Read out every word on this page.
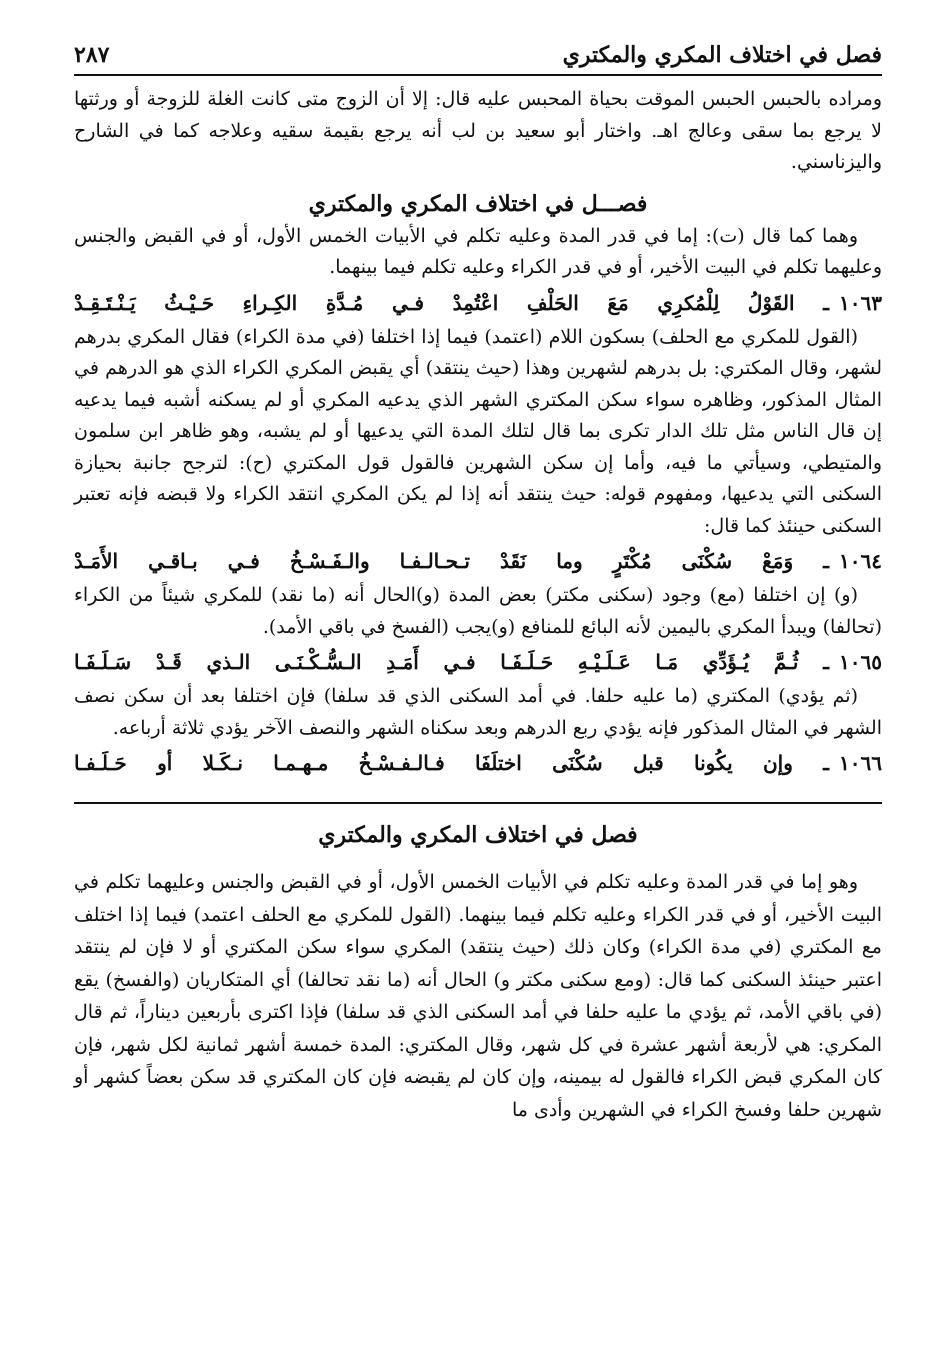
فصل في اختلاف المكري والمكتري
٢٨٧

ومراده بالحبس الحبس الموقت بحياة المحبس عليه قال: إلا أن الزوج متى كانت الغلة للزوجة أو ورثتها لا يرجع بما سقى وعالج اهـ. واختار أبو سعيد بن لب أنه يرجع بقيمة سقيه وعلاجه كما في الشارح واليزناسني.

فصـــل في اختلاف المكري والمكتري

وهما كما قال (ت): إما في قدر المدة وعليه تكلم في الأبيات الخمس الأول، أو في القبض والجنس وعليهما تكلم في البيت الأخير، أو في قدر الكراء وعليه تكلم فيما بينهما.

١٠٦٣ـ القَوْلُ لِلْمُكرِي مَعَ الحَلْفِ اعْتُمِدْ فـي مُـدَّةِ الكِـراءِ حَـيْـثُ يَـنْـتَـقِـدْ

(القول للمكري مع الحلف) بسكون اللام (اعتمد) فيما إذا اختلفا (في مدة الكراء) فقال المكري بدرهم لشهر، وقال المكتري: بل بدرهم لشهرين وهذا (حيث ينتقد) أي يقبض المكري الكراء الذي هو الدرهم في المثال المذكور، وظاهره سواء سكن المكتري الشهر الذي يدعيه المكري أو لم يسكنه أشبه فيما يدعيه إن قال الناس مثل تلك الدار تكرى بما قال لتلك المدة التي يدعيها أو لم يشبه، وهو ظاهر ابن سلمون والمتيطي، وسيأتي ما فيه، وأما إن سكن الشهرين فالقول قول المكتري (ح): لترجح جانبة بحيازة السكنى التي يدعيها، ومفهوم قوله: حيث ينتقد أنه إذا لم يكن المكري انتقد الكراء ولا قبضه فإنه تعتبر السكنى حينئذ كما قال:

١٠٦٤ـ وَمَعْ سُكْنَى مُكْتَرٍ وما نَقَدْ تـحـالـفـا والـفَـسْـخُ فـي بـاقـي الأَمَـدْ

(و) إن اختلفا (مع) وجود (سكنى مكتر) بعض المدة (و)الحال أنه (ما نقد) للمكري شيئاً من الكراء (تحالفا) ويبدأ المكري باليمين لأنه البائع للمنافع (و)يجب (الفسخ في باقي الأمد).

١٠٦٥ـ ثُـمَّ يُـؤَدِّي مَـا عَـلَـيْـهِ حَـلَـفَـا فـي أَمَـدِ الـسُّـكْـنَـى الـذي قَـدْ سَـلَـفَـا

(ثم يؤدي) المكتري (ما عليه حلفا. في أمد السكنى الذي قد سلفا) فإن اختلفا بعد أن سكن نصف الشهر في المثال المذكور فإنه يؤدي ربع الدرهم وبعد سكناه الشهر والنصف الآخر يؤدي ثلاثة أرباعه.

١٠٦٦ـ وإن يكُونا قبل سُكْنَى اختلَفَا فـالـفـسْـخُ مـهـمـا نـكَـلا أو حَـلَـفـا
فصل في اختلاف المكري والمكتري

وهو إما في قدر المدة وعليه تكلم في الأبيات الخمس الأول، أو في القبض والجنس وعليهما تكلم في البيت الأخير، أو في قدر الكراء وعليه تكلم فيما بينهما. (القول للمكري مع الحلف اعتمد) فيما إذا اختلف مع المكتري (في مدة الكراء) وكان ذلك (حيث ينتقد) المكري سواء سكن المكتري أو لا فإن لم ينتقد اعتبر حينئذ السكنى كما قال: (ومع سكنى مكتر و) الحال أنه (ما نقد تحالفا) أي المتكاريان (والفسخ) يقع (في باقي الأمد، ثم يؤدي ما عليه حلفا في أمد السكنى الذي قد سلفا) فإذا اكترى بأربعين ديناراً، ثم قال المكري: هي لأربعة أشهر عشرة في كل شهر، وقال المكتري: المدة خمسة أشهر ثمانية لكل شهر، فإن كان المكري قبض الكراء فالقول له بيمينه، وإن كان لم يقبضه فإن كان المكتري قد سكن بعضاً كشهر أو شهرين حلفا وفسخ الكراء في الشهرين وأدى ما
